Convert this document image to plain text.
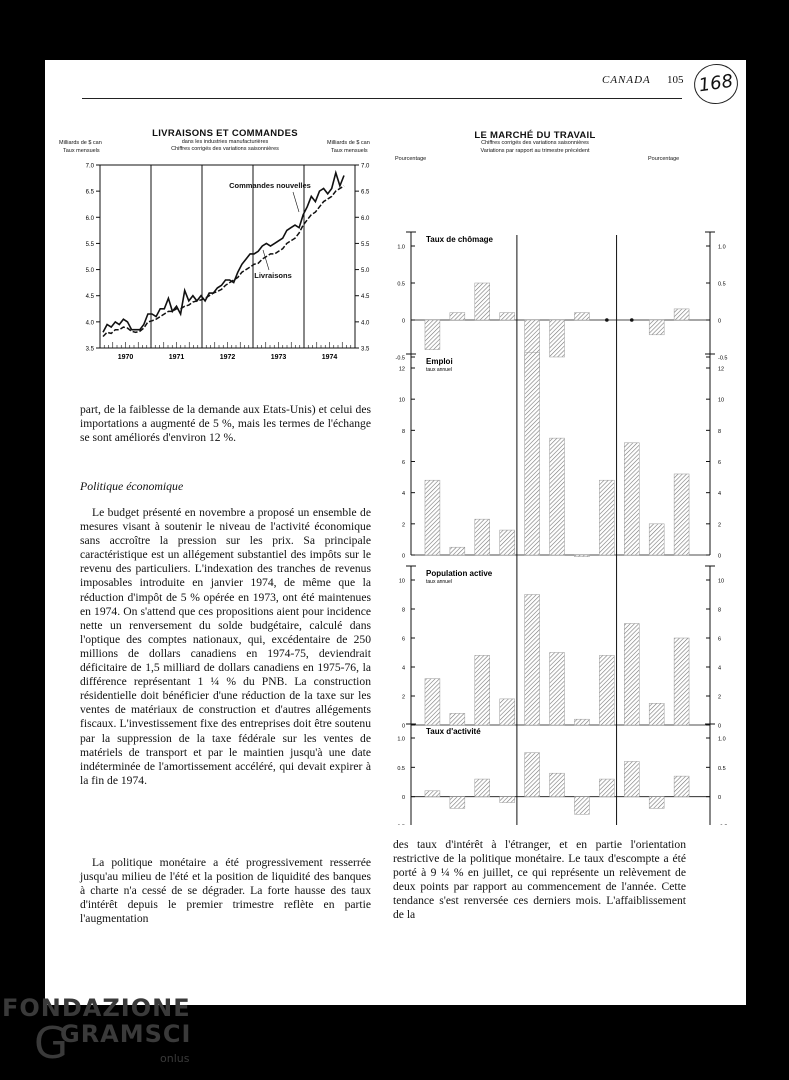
CANADA 105 168
LIVRAISONS ET COMMANDES
dans les industries manufacturières
Chiffres corrigés des variations saisonnières
Milliards de $ can
Taux mensuels
Milliards de $ can
Taux mensuels
3.5	3.5
4.0	4.0
4.5	4.5
5.0	5.0
5.5	5.5
6.0	6.0
6.5	6.5
7.0	7.0
1970	1971	1972	1973	1974
Commandes nouvelles
Livraisons
LE MARCHÉ DU TRAVAIL
Chiffres corrigés des variations saisonnières
Variations par rapport au trimestre précédent
Pourcentage	Pourcentage
Taux de chômage
1.0	1.0
0.5	0.5
0	0
-0.5	-0.5
Emploi
taux annuel
12	12
10	10
8	8
6	6
4	4
2	2
0	0
Population active
taux annuel
10	10
8	8
6	6
4	4
2	2
0	0
Taux d'activité
1.0	1.0
0.5	0.5
0	0

part, de la faiblesse de la demande aux Etats-Unis) et celui des importations a augmenté de 5 %, mais les termes de l'échange se sont améliorés d'environ 12 %.

Politique économique

Le budget présenté en novembre a proposé un ensemble de mesures visant à soutenir le niveau de l'activité économique sans accroître la pression sur les prix. Sa principale caractéristique est un allégement substantiel des impôts sur le revenu des particuliers. L'indexation des tranches de revenus imposables introduite en janvier 1974, de même que la réduction d'impôt de 5 % opérée en 1973, ont été maintenues en 1974. On s'attend que ces propositions aient pour incidence nette un renversement du solde budgétaire, calculé dans l'optique des comptes nationaux, qui, excédentaire de 250 millions de dollars canadiens en 1974-75, deviendrait déficitaire de 1,5 milliard de dollars canadiens en 1975-76, la différence représentant 1 ¼ % du PNB. La construction résidentielle doit bénéficier d'une réduction de la taxe sur les ventes de matériaux de construction et d'autres allégements fiscaux. L'investissement fixe des entreprises doit être soutenu par la suppression de la taxe fédérale sur les ventes de matériels de transport et par le maintien jusqu'à une date indéterminée de l'amortissement accéléré, qui devait expirer à la fin de 1974.

La politique monétaire a été progressivement resserrée jusqu'au milieu de l'été et la position de liquidité des banques à charte n'a cessé de se dégrader. La forte hausse des taux d'intérêt depuis le premier trimestre reflète en partie l'augmentation

des taux d'intérêt à l'étranger, et en partie l'orientation restrictive de la politique monétaire. Le taux d'escompte a été porté à 9 ¼ % en juillet, ce qui représente un relèvement de deux points par rapport au commencement de l'année. Cette tendance s'est renversée ces derniers mois. L'affaiblissement de la

FONDAZIONE
GRAMSCI
G	onlus
